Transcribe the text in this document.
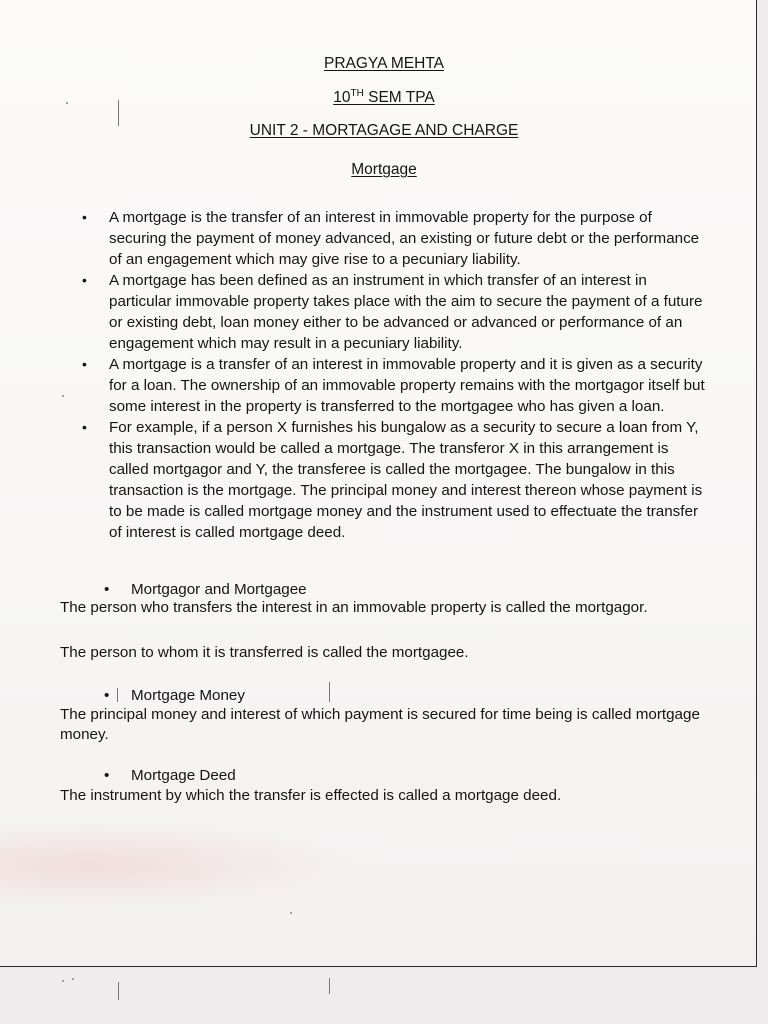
PRAGYA MEHTA
10TH SEM TPA
UNIT 2 - MORTAGAGE AND CHARGE
Mortgage
• A mortgage is the transfer of an interest in immovable property for the purpose of securing the payment of money advanced, an existing or future debt or the performance of an engagement which may give rise to a pecuniary liability.
• A mortgage has been defined as an instrument in which transfer of an interest in particular immovable property takes place with the aim to secure the payment of a future or existing debt, loan money either to be advanced or advanced or performance of an engagement which may result in a pecuniary liability.
• A mortgage is a transfer of an interest in immovable property and it is given as a security for a loan. The ownership of an immovable property remains with the mortgagor itself but some interest in the property is transferred to the mortgagee who has given a loan.
• For example, if a person X furnishes his bungalow as a security to secure a loan from Y, this transaction would be called a mortgage. The transferor X in this arrangement is called mortgagor and Y, the transferee is called the mortgagee. The bungalow in this transaction is the mortgage. The principal money and interest thereon whose payment is to be made is called mortgage money and the instrument used to effectuate the transfer of interest is called mortgage deed.
• Mortgagor and Mortgagee

The person who transfers the interest in an immovable property is called the mortgagor.

The person to whom it is transferred is called the mortgagee.

• Mortgage Money

The principal money and interest of which payment is secured for time being is called mortgage money.

• Mortgage Deed

The instrument by which the transfer is effected is called a mortgage deed.
